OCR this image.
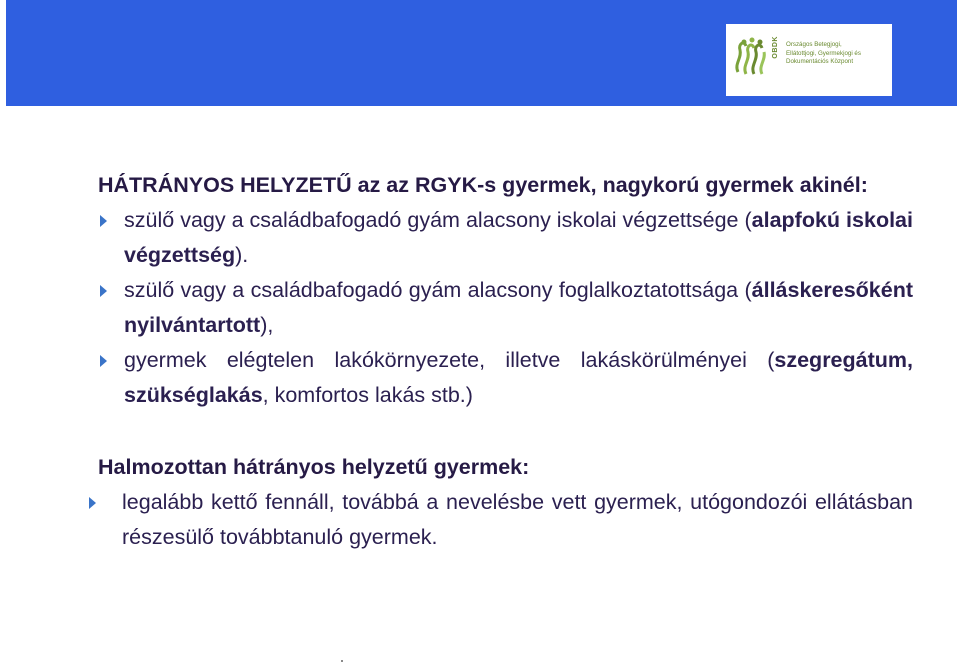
OBDK Országos Betegjogi,
Ellátottjogi, Gyermekjogi és
Dokumentációs Központ

HÁTRÁNYOS HELYZETŰ az az RGYK-s gyermek, nagykorú gyermek akinél:

szülő vagy a családbafogadó gyám alacsony iskolai végzettsége (alapfokú iskolai végzettség).
szülő vagy a családbafogadó gyám alacsony foglalkoztatottsága (álláskeresőként nyilvántartott),
gyermek elégtelen lakókörnyezete, illetve lakáskörülményei (szegregátum, szükséglakás, komfortos lakás stb.)

Halmozottan hátrányos helyzetű gyermek:

legalább kettő fennáll, továbbá a nevelésbe vett gyermek, utógondozói ellátásban részesülő továbbtanuló gyermek.
